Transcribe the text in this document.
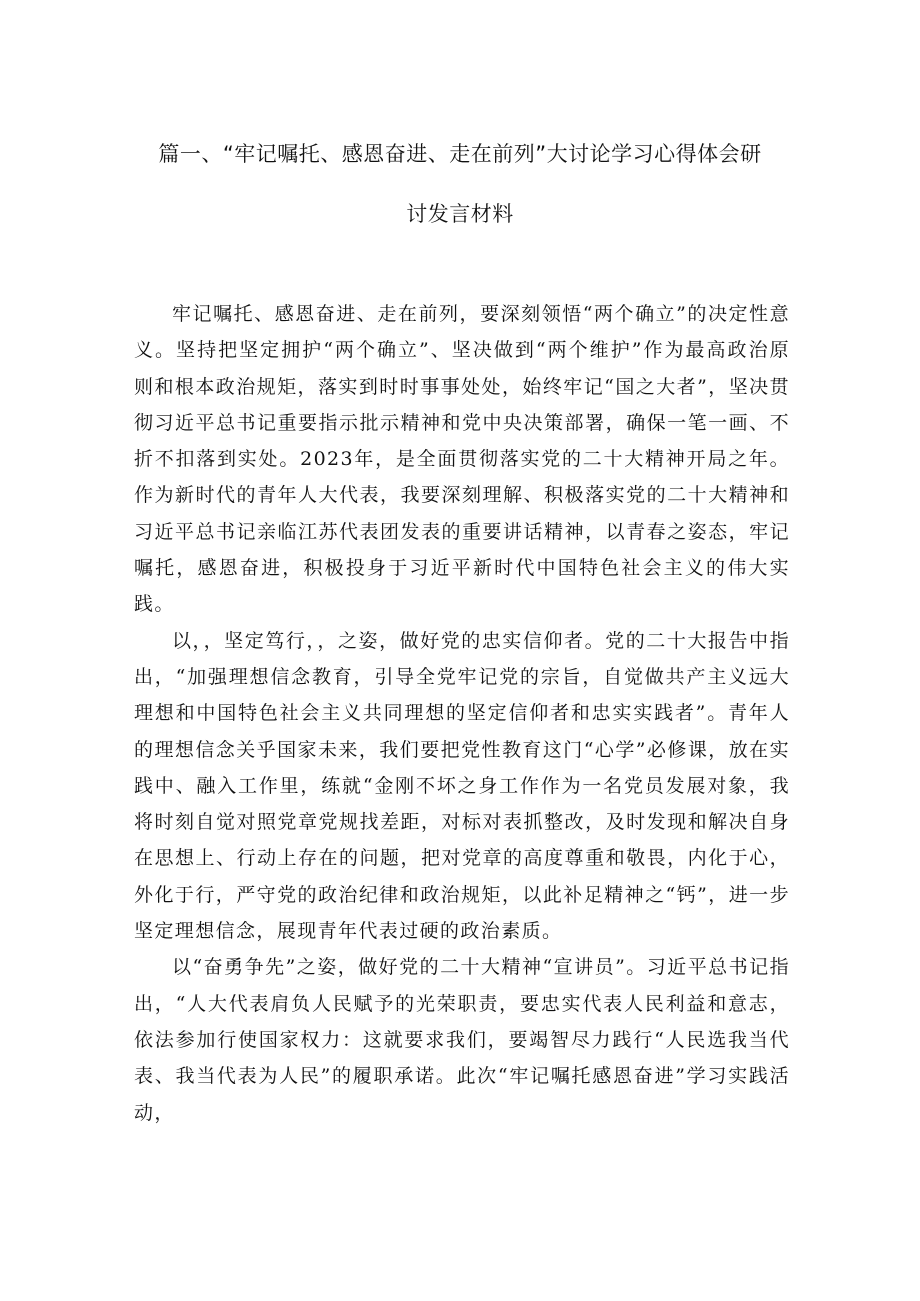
篇一、“牢记嘱托、感恩奋进、走在前列”大讨论学习心得体会研
讨发言材料

牢记嘱托、感恩奋进、走在前列，要深刻领悟“两个确立”的决定性意义。坚持把坚定拥护“两个确立”、坚决做到“两个维护”作为最高政治原则和根本政治规矩，落实到时时事事处处，始终牢记“国之大者”，坚决贯彻习近平总书记重要指示批示精神和党中央决策部署，确保一笔一画、不折不扣落到实处。2023年，是全面贯彻落实党的二十大精神开局之年。作为新时代的青年人大代表，我要深刻理解、积极落实党的二十大精神和习近平总书记亲临江苏代表团发表的重要讲话精神，以青春之姿态，牢记嘱托，感恩奋进，积极投身于习近平新时代中国特色社会主义的伟大实践。

以，，坚定笃行，，之姿，做好党的忠实信仰者。党的二十大报告中指出，“加强理想信念教育，引导全党牢记党的宗旨，自觉做共产主义远大理想和中国特色社会主义共同理想的坚定信仰者和忠实实践者”。青年人的理想信念关乎国家未来，我们要把党性教育这门“心学”必修课，放在实践中、融入工作里，练就“金刚不坏之身工作作为一名党员发展对象，我将时刻自觉对照党章党规找差距，对标对表抓整改，及时发现和解决自身在思想上、行动上存在的问题，把对党章的高度尊重和敬畏，内化于心，外化于行，严守党的政治纪律和政治规矩，以此补足精神之“钙”，进一步坚定理想信念，展现青年代表过硬的政治素质。

以“奋勇争先”之姿，做好党的二十大精神“宣讲员”。习近平总书记指出，“人大代表肩负人民赋予的光荣职责，要忠实代表人民利益和意志，依法参加行使国家权力：这就要求我们，要竭智尽力践行“人民选我当代表、我当代表为人民”的履职承诺。此次“牢记嘱托感恩奋进”学习实践活动，
